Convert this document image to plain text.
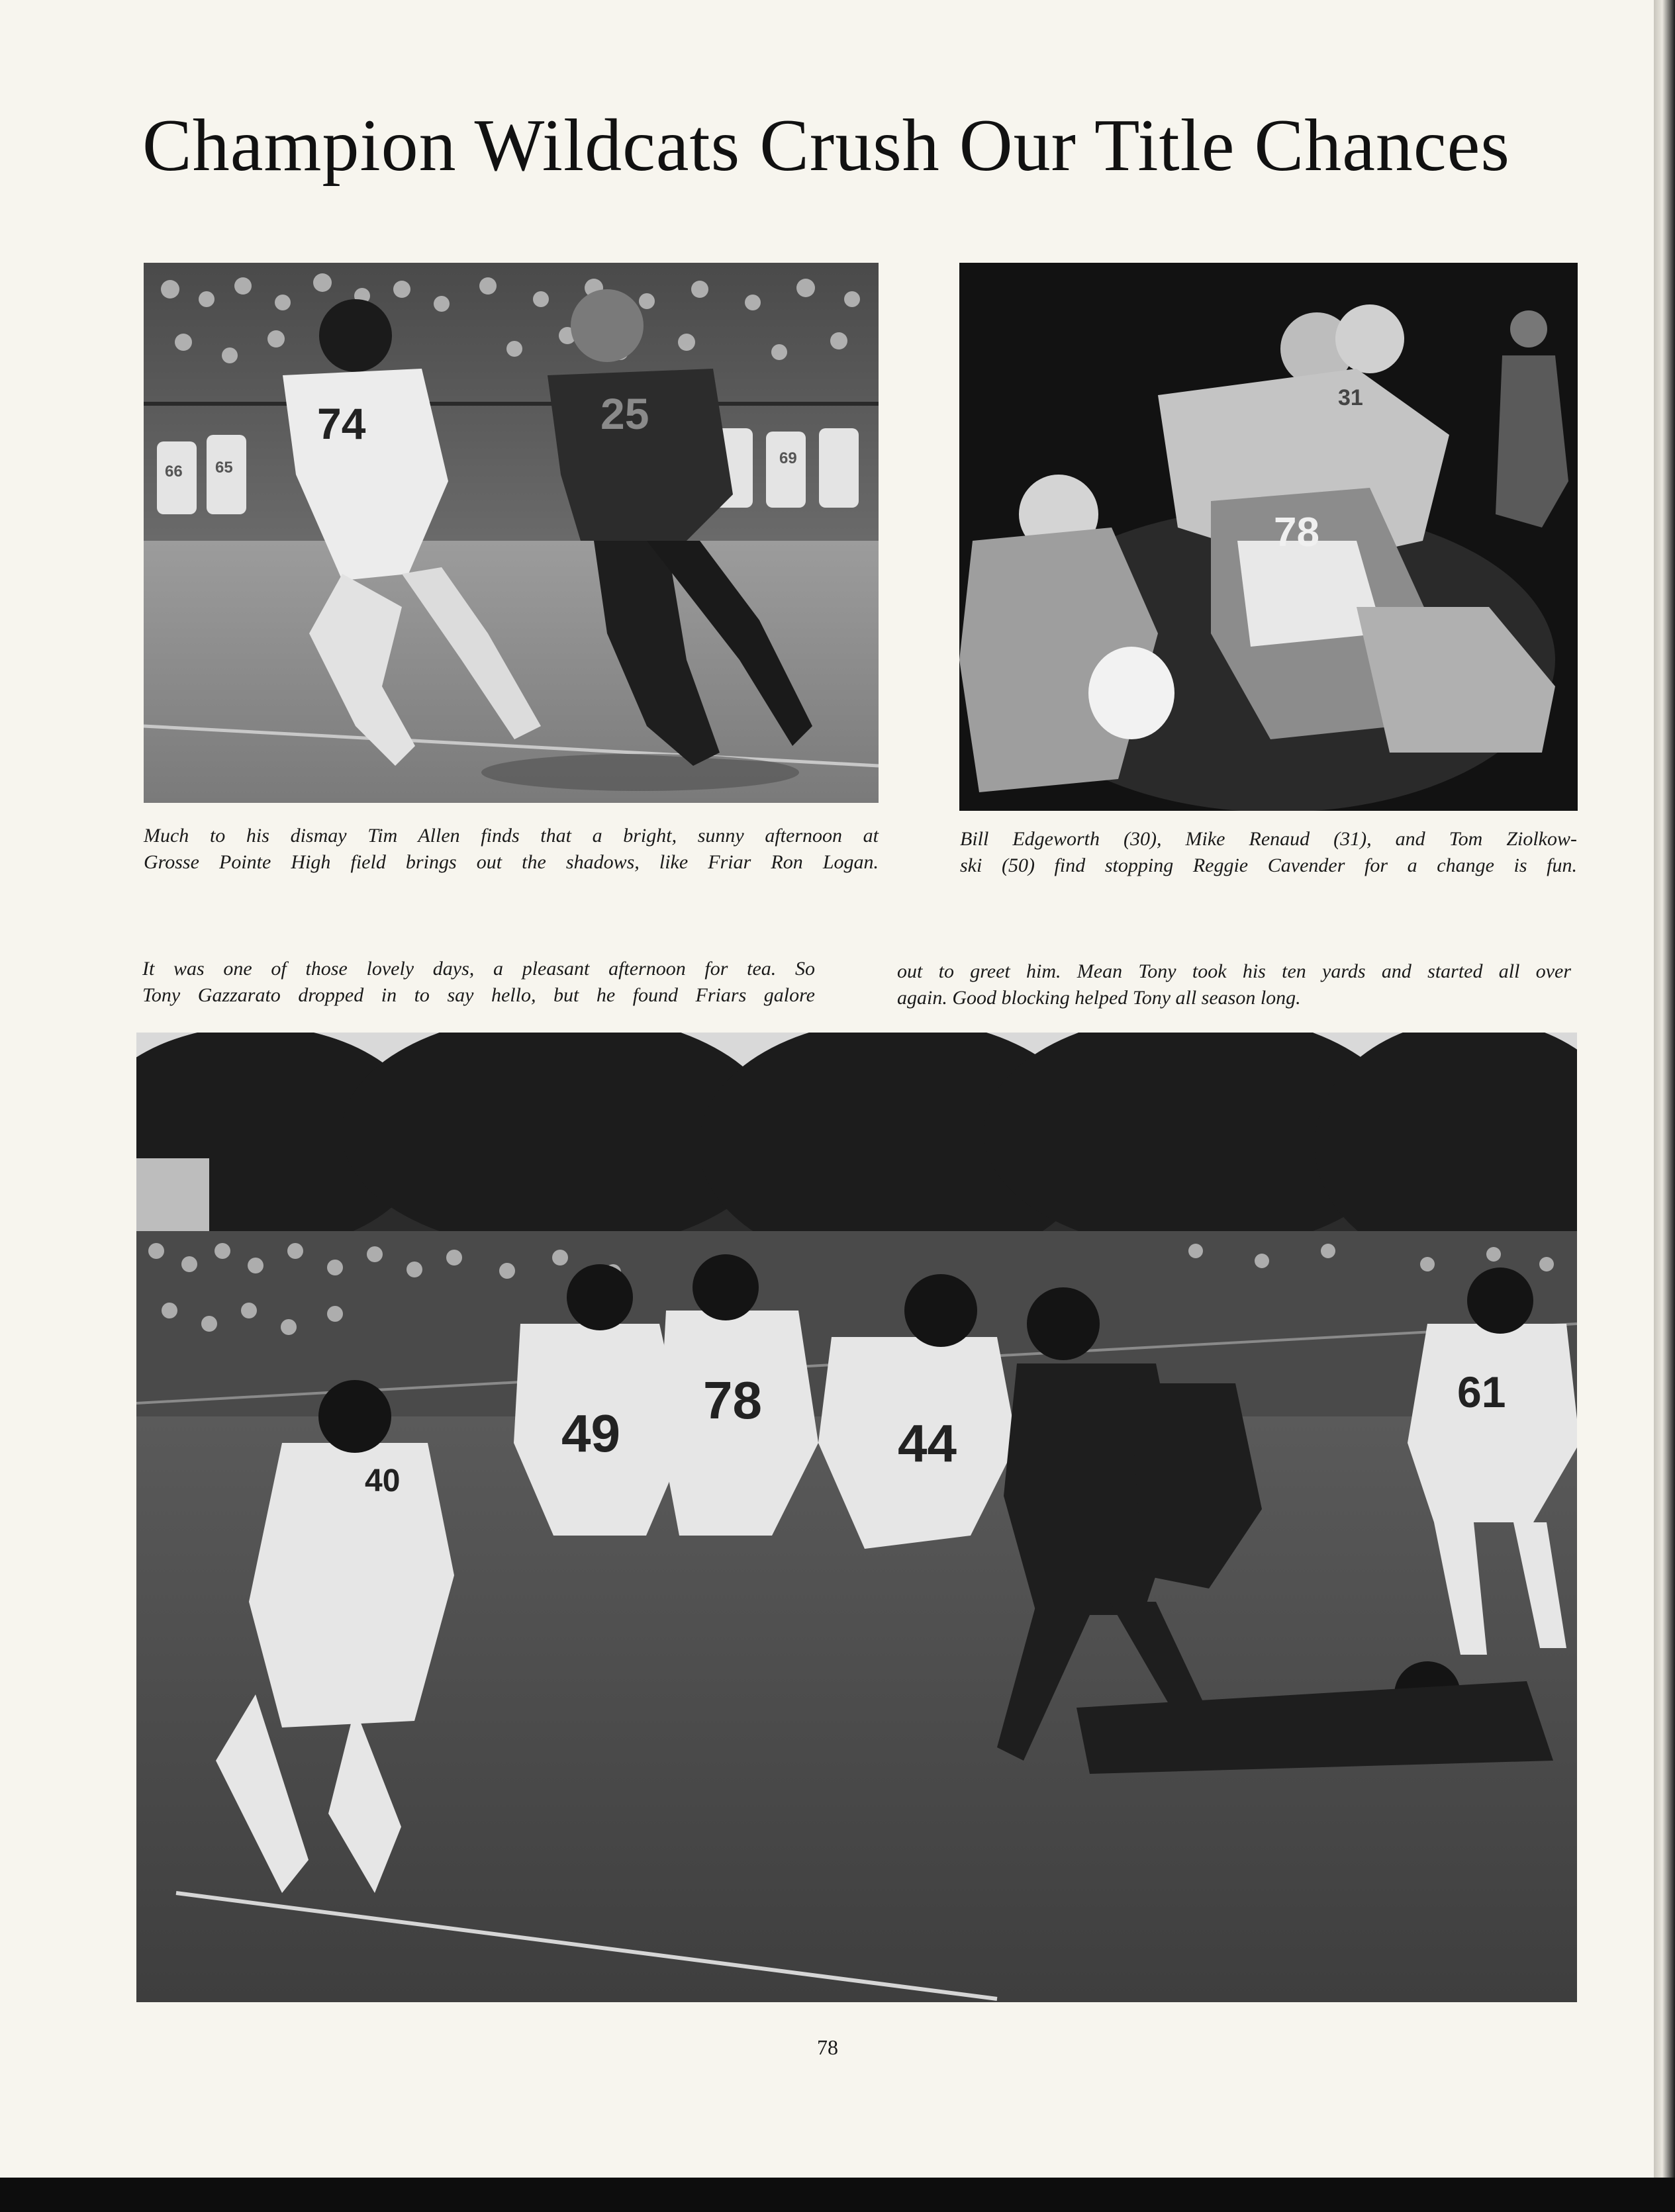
Champion Wildcats Crush Our Title Chances
74	25
66 65
69
31
78

Much to his dismay Tim Allen finds that a bright, sunny afternoon at
Grosse Pointe High field brings out the shadows, like Friar Ron Logan.

Bill Edgeworth (30), Mike Renaud (31), and Tom Ziolkow-
ski (50) find stopping Reggie Cavender for a change is fun.

It was one of those lovely days, a pleasant afternoon for tea. So
Tony Gazzarato dropped in to say hello, but he found Friars galore

out to greet him. Mean Tony took his ten yards and started all over
again. Good blocking helped Tony all season long.

40
49
78
44
61
78
